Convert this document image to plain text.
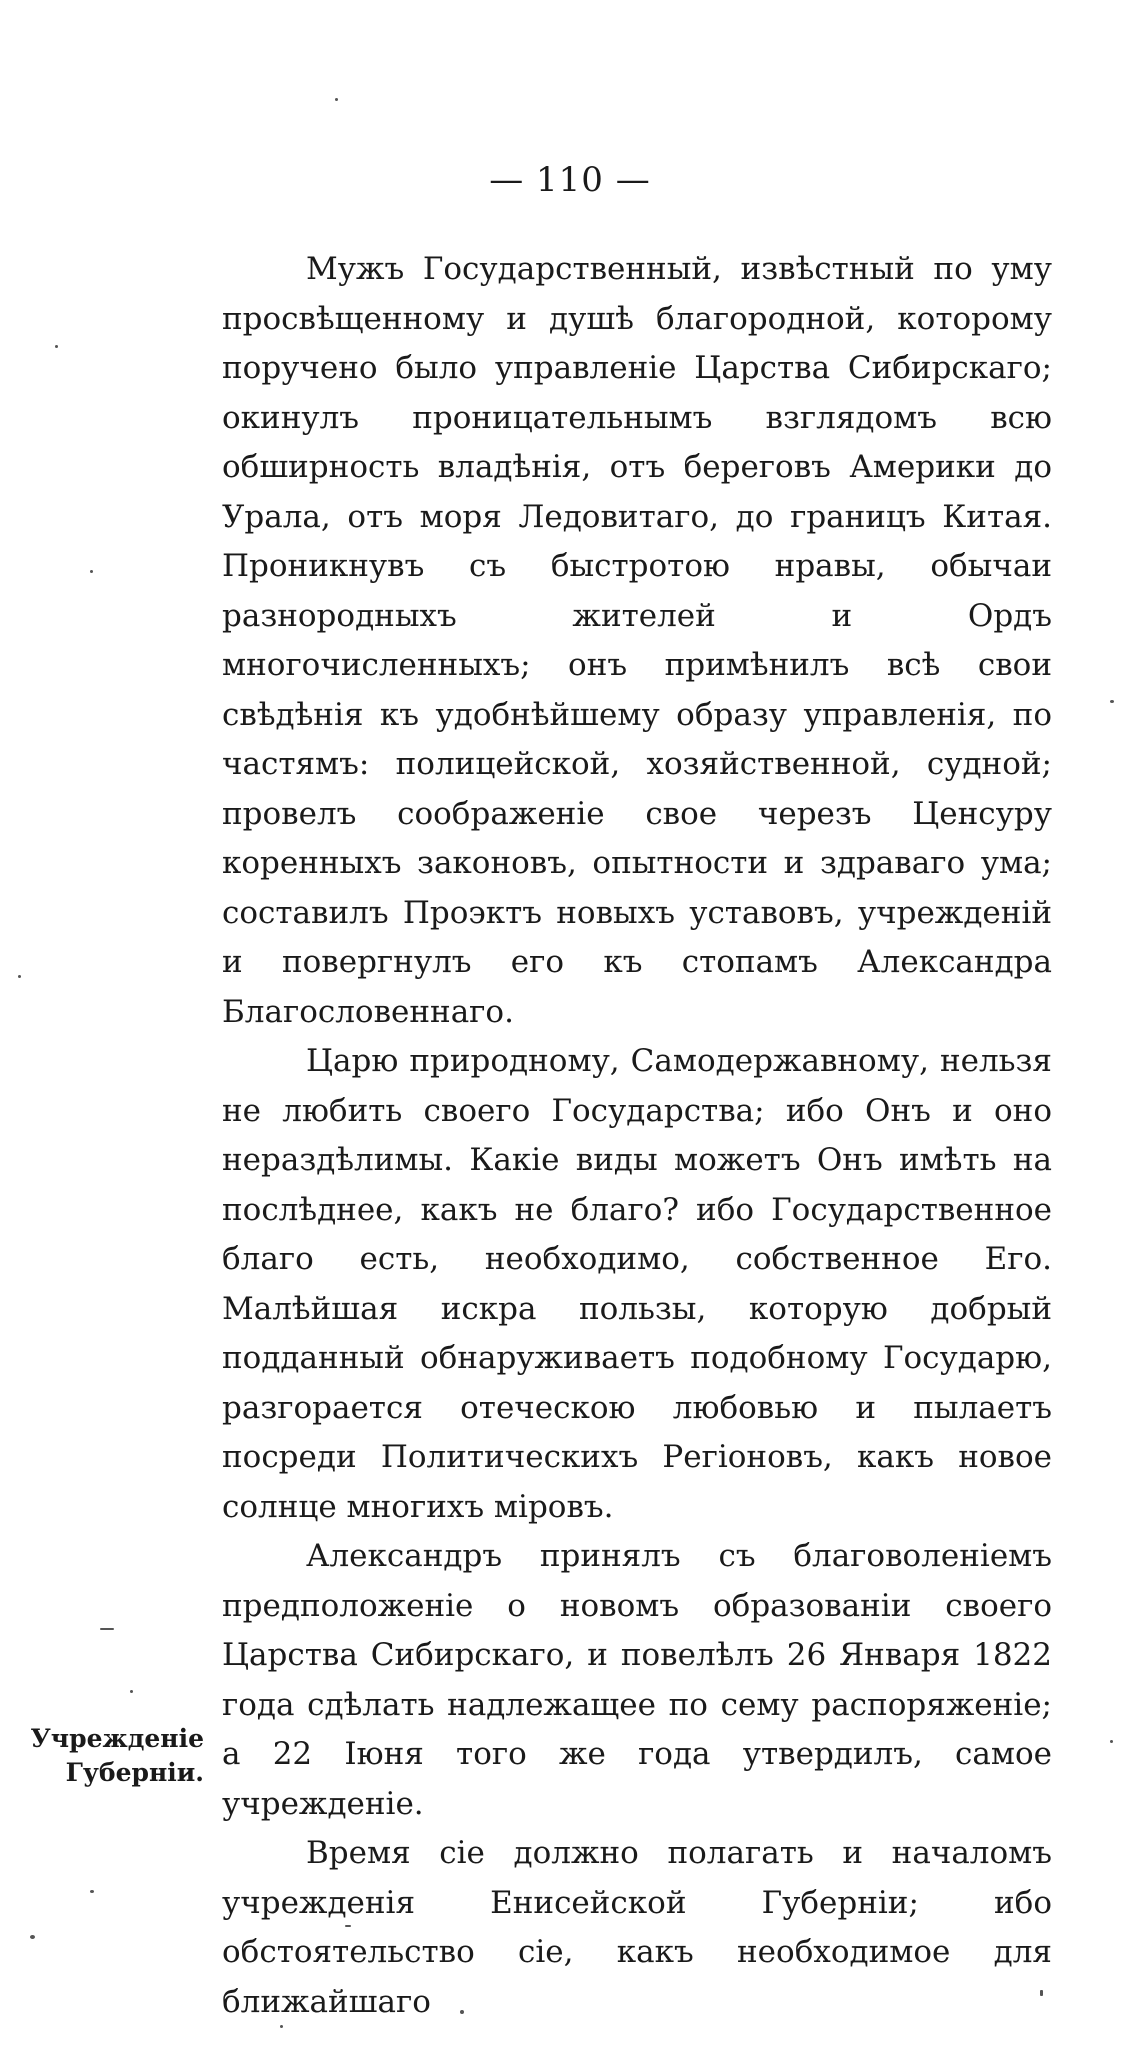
— 110 —

Мужъ Государственный, извѣстный по уму просвѣщенному и душѣ благородной, которому поручено было управленіе Царства Сибирскаго; окинулъ проницательнымъ взглядомъ всю обширность владѣнія, отъ береговъ Америки до Урала, отъ моря Ледовитаго, до границъ Китая. Проникнувъ съ быстротою нравы, обычаи разнородныхъ жителей и Ордъ многочисленныхъ; онъ примѣнилъ всѣ свои свѣдѣнія къ удобнѣйшему образу управленія, по частямъ: полицейской, хозяйственной, судной; провелъ соображеніе свое черезъ Ценсуру коренныхъ законовъ, опытности и здраваго ума; составилъ Проэктъ новыхъ уставовъ, учрежденій и повергнулъ его къ стопамъ Александра Благословеннаго.

Царю природному, Самодержавному, нельзя не любить своего Государства; ибо Онъ и оно нераздѣлимы. Какіе виды можетъ Онъ имѣть на послѣднее, какъ не благо? ибо Государственное благо есть, необходимо, собственное Его. Малѣйшая искра пользы, которую добрый подданный обнаруживаетъ подобному Государю, разгорается отеческою любовью и пылаетъ посреди Политическихъ Регіоновъ, какъ новое солнце многихъ міровъ.

Александръ принялъ съ благоволеніемъ предположеніе о новомъ образованіи своего Царства Сибирскаго, и повелѣлъ 26 Января 1822 года сдѣлать надлежащее по сему распоряженіе; а 22 Іюня того же года утвердилъ, самое учрежденіе.

Время сіе должно полагать и началомъ учрежденія Енисейской Губерніи; ибо обстоятельство сіе, какъ необходимое для ближайшаго

Учрежденіе Губерніи.
